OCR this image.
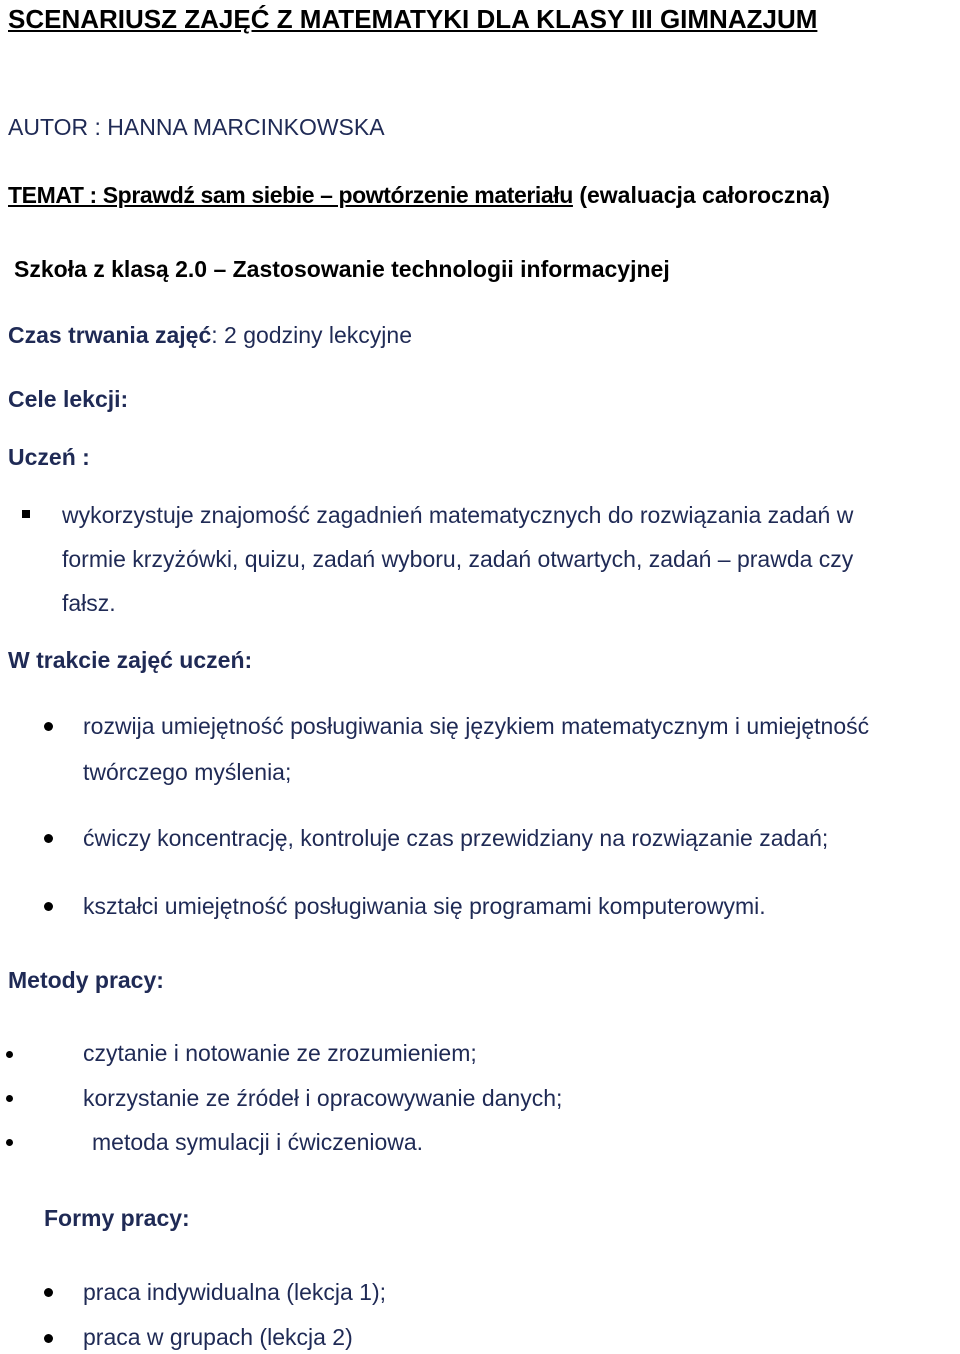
SCENARIUSZ ZAJĘĆ Z MATEMATYKI DLA KLASY III GIMNAZJUM
AUTOR : HANNA MARCINKOWSKA
TEMAT : Sprawdź sam siebie – powtórzenie materiału (ewaluacja całoroczna)
Szkoła z klasą 2.0 – Zastosowanie technologii informacyjnej
Czas trwania zajęć: 2 godziny lekcyjne
Cele lekcji:
Uczeń :
wykorzystuje znajomość zagadnień matematycznych do rozwiązania zadań w
formie krzyżówki, quizu, zadań wyboru, zadań otwartych, zadań – prawda czy
fałsz.
W trakcie zajęć uczeń:
rozwija umiejętność posługiwania się językiem matematycznym i umiejętność
twórczego myślenia;
ćwiczy koncentrację, kontroluje czas przewidziany na rozwiązanie zadań;
kształci umiejętność posługiwania się programami komputerowymi.
Metody pracy:
czytanie i notowanie ze zrozumieniem;
korzystanie ze źródeł i opracowywanie danych;
metoda symulacji i ćwiczeniowa.
Formy pracy:
praca indywidualna (lekcja 1);
praca w grupach (lekcja 2)
